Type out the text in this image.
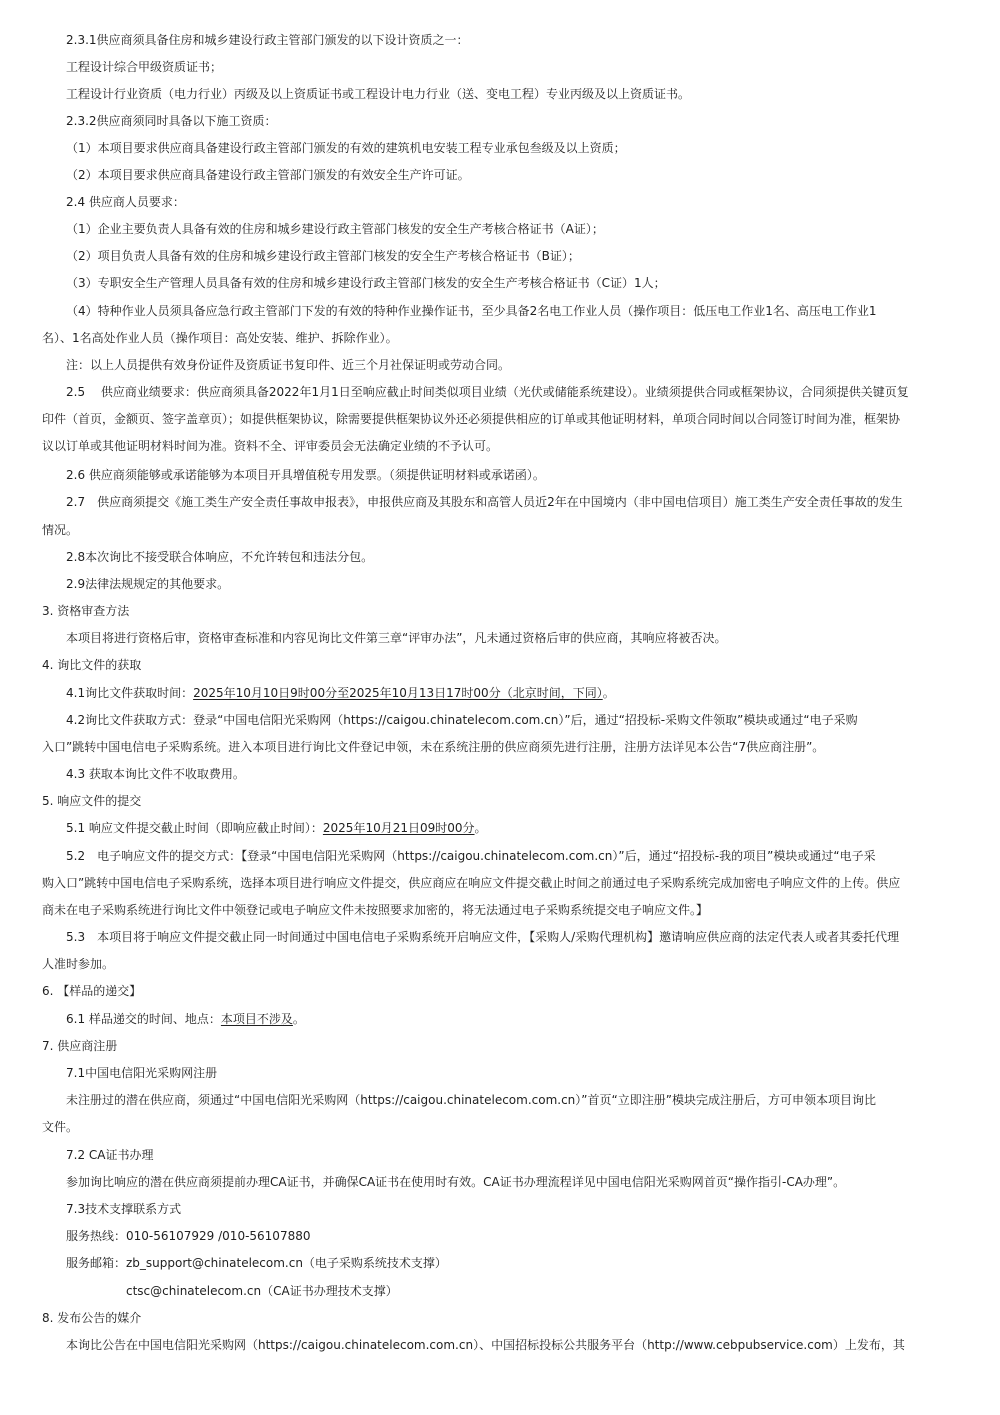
2.3.1供应商须具备住房和城乡建设行政主管部门颁发的以下设计资质之一：
工程设计综合甲级资质证书；
工程设计行业资质（电力行业）丙级及以上资质证书或工程设计电力行业（送、变电工程）专业丙级及以上资质证书。
2.3.2供应商须同时具备以下施工资质：
（1）本项目要求供应商具备建设行政主管部门颁发的有效的建筑机电安装工程专业承包叁级及以上资质；
（2）本项目要求供应商具备建设行政主管部门颁发的有效安全生产许可证。
2.4 供应商人员要求：
（1）企业主要负责人具备有效的住房和城乡建设行政主管部门核发的安全生产考核合格证书（A证）；
（2）项目负责人具备有效的住房和城乡建设行政主管部门核发的安全生产考核合格证书（B证）；
（3）专职安全生产管理人员具备有效的住房和城乡建设行政主管部门核发的安全生产考核合格证书（C证）1人；
（4）特种作业人员须具备应急行政主管部门下发的有效的特种作业操作证书，至少具备2名电工作业人员（操作项目：低压电工作业1名、高压电工作业1
名）、1名高处作业人员（操作项目：高处安装、维护、拆除作业）。
注：以上人员提供有效身份证件及资质证书复印件、近三个月社保证明或劳动合同。
2.5　 供应商业绩要求：供应商须具备2022年1月1日至响应截止时间类似项目业绩（光伏或储能系统建设）。业绩须提供合同或框架协议，合同须提供关键页复
印件（首页，金额页、签字盖章页）；如提供框架协议，除需要提供框架协议外还必须提供相应的订单或其他证明材料，单项合同时间以合同签订时间为准，框架协
议以订单或其他证明材料时间为准。资料不全、评审委员会无法确定业绩的不予认可。
2.6 供应商须能够或承诺能够为本项目开具增值税专用发票。（须提供证明材料或承诺函）。
2.7　供应商须提交《施工类生产安全责任事故申报表》，申报供应商及其股东和高管人员近2年在中国境内（非中国电信项目）施工类生产安全责任事故的发生
情况。
2.8本次询比不接受联合体响应，不允许转包和违法分包。
2.9法律法规规定的其他要求。
3. 资格审查方法
本项目将进行资格后审，资格审查标准和内容见询比文件第三章“评审办法”，凡未通过资格后审的供应商，其响应将被否决。
4. 询比文件的获取
4.1询比文件获取时间：2025年10月10日9时00分至2025年10月13日17时00分（北京时间，下同）。
4.2询比文件获取方式：登录“中国电信阳光采购网（https://caigou.chinatelecom.com.cn）”后，通过“招投标-采购文件领取”模块或通过“电子采购
入口”跳转中国电信电子采购系统。进入本项目进行询比文件登记申领，未在系统注册的供应商须先进行注册，注册方法详见本公告“7供应商注册”。
4.3 获取本询比文件不收取费用。
5. 响应文件的提交
5.1 响应文件提交截止时间（即响应截止时间）：2025年10月21日09时00分。
5.2　电子响应文件的提交方式：【登录“中国电信阳光采购网（https://caigou.chinatelecom.com.cn）”后，通过“招投标-我的项目”模块或通过“电子采
购入口”跳转中国电信电子采购系统，选择本项目进行响应文件提交，供应商应在响应文件提交截止时间之前通过电子采购系统完成加密电子响应文件的上传。供应
商未在电子采购系统进行询比文件中领登记或电子响应文件未按照要求加密的，将无法通过电子采购系统提交电子响应文件。】
5.3　本项目将于响应文件提交截止同一时间通过中国电信电子采购系统开启响应文件，【采购人/采购代理机构】邀请响应供应商的法定代表人或者其委托代理
人准时参加。
6. 【样品的递交】
6.1 样品递交的时间、地点：本项目不涉及。
7. 供应商注册
7.1中国电信阳光采购网注册
未注册过的潜在供应商，须通过“中国电信阳光采购网（https://caigou.chinatelecom.com.cn）”首页“立即注册”模块完成注册后，方可申领本项目询比
文件。
7.2 CA证书办理
参加询比响应的潜在供应商须提前办理CA证书，并确保CA证书在使用时有效。CA证书办理流程详见中国电信阳光采购网首页“操作指引-CA办理”。
7.3技术支撑联系方式
服务热线：010-56107929 /010-56107880
服务邮箱：zb_support@chinatelecom.cn（电子采购系统技术支撑）
ctsc@chinatelecom.cn（CA证书办理技术支撑）
8. 发布公告的媒介
本询比公告在中国电信阳光采购网（https://caigou.chinatelecom.com.cn）、中国招标投标公共服务平台（http://www.cebpubservice.com）上发布，其
